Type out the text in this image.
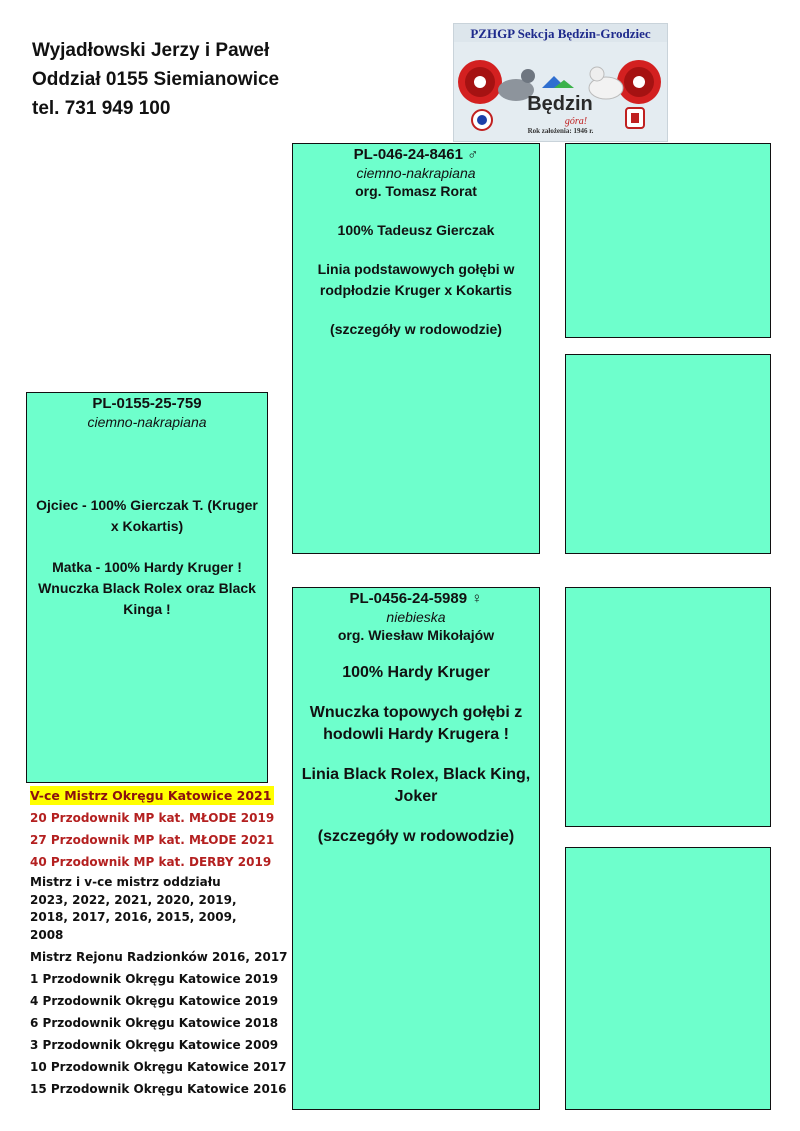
Wyjadłowski Jerzy i Paweł
Oddział 0155 Siemianowice
tel. 731 949 100	Będzin
góra!
PZHGP Sekcja Będzin-Grodziec
Rok założenia: 1946 r.
PL-0155-25-759
ciemno-nakrapiana
Ojciec - 100% Gierczak T. (Kruger x Kokartis)
Matka - 100% Hardy Kruger ! Wnuczka Black Rolex oraz Black Kinga !
PL-046-24-8461 ♂
ciemno-nakrapiana
org. Tomasz Rorat
100% Tadeusz Gierczak
Linia podstawowych gołębi w rodpłodzie Kruger x Kokartis
(szczegóły w rodowodzie)
PL-0456-24-5989 ♀
niebieska
org. Wiesław Mikołajów
100% Hardy Kruger
Wnuczka topowych gołębi z hodowli Hardy Krugera !
Linia Black Rolex, Black King, Joker
(szczegóły w rodowodzie)
V-ce Mistrz Okręgu Katowice 2021
20 Przodownik MP kat. MŁODE 2019
27 Przodownik MP kat. MŁODE 2021
40 Przodownik MP kat. DERBY 2019
Mistrz i v-ce mistrz oddziału 2023, 2022, 2021, 2020, 2019, 2018, 2017, 2016, 2015, 2009, 2008
Mistrz Rejonu Radzionków 2016, 2017
1 Przodownik Okręgu Katowice 2019
4 Przodownik Okręgu Katowice 2019
6 Przodownik Okręgu Katowice 2018
3 Przodownik Okręgu Katowice 2009
10 Przodownik Okręgu Katowice 2017
15 Przodownik Okręgu Katowice 2016
